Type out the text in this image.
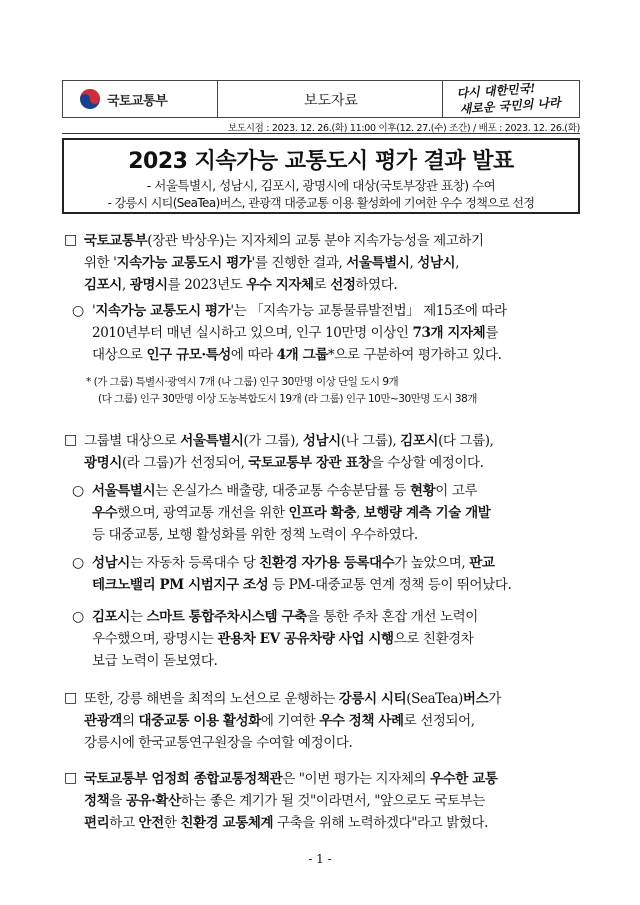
국토교통부	보도자료
다시 대한민국!
새로운 국민의 나라
보도시점 : 2023. 12. 26.(화) 11:00 이후(12. 27.(수) 조간) / 배포 : 2023. 12. 26.(화)
2023 지속가능 교통도시 평가 결과 발표
- 서울특별시, 성남시, 김포시, 광명시에 대상(국토부장관 표창) 수여
- 강릉시 시티(SeaTea)버스, 관광객 대중교통 이용 활성화에 기여한 우수 정책으로 선정
□ 국토교통부(장관 박상우)는 지자체의 교통 분야 지속가능성을 제고하기
위한 '지속가능 교통도시 평가'를 진행한 결과, 서울특별시, 성남시,
김포시, 광명시를 2023년도 우수 지자체로 선정하였다.
○ '지속가능 교통도시 평가'는 「지속가능 교통물류발전법」 제15조에 따라
2010년부터 매년 실시하고 있으며, 인구 10만명 이상인 73개 지자체를
대상으로 인구 규모·특성에 따라 4개 그룹*으로 구분하여 평가하고 있다.
* (가 그룹) 특별시·광역시 7개 (나 그룹) 인구 30만명 이상 단일 도시 9개
(다 그룹) 인구 30만명 이상 도농복합도시 19개 (라 그룹) 인구 10만~30만명 도시 38개
□ 그룹별 대상으로 서울특별시(가 그룹), 성남시(나 그룹), 김포시(다 그룹),
광명시(라 그룹)가 선정되어, 국토교통부 장관 표창을 수상할 예정이다.
○ 서울특별시는 온실가스 배출량, 대중교통 수송분담률 등 현황이 고루
우수했으며, 광역교통 개선을 위한 인프라 확충, 보행량 계측 기술 개발
등 대중교통, 보행 활성화를 위한 정책 노력이 우수하였다.
○ 성남시는 자동차 등록대수 당 친환경 자가용 등록대수가 높았으며, 판교
테크노밸리 PM 시범지구 조성 등 PM-대중교통 연계 정책 등이 뛰어났다.
○ 김포시는 스마트 통합주차시스템 구축을 통한 주차 혼잡 개선 노력이
우수했으며, 광명시는 관용차 EV 공유차량 사업 시행으로 친환경차
보급 노력이 돋보였다.
□ 또한, 강릉 해변을 최적의 노선으로 운행하는 강릉시 시티(SeaTea)버스가
관광객의 대중교통 이용 활성화에 기여한 우수 정책 사례로 선정되어,
강릉시에 한국교통연구원장을 수여할 예정이다.
□ 국토교통부 엄정희 종합교통정책관은 "이번 평가는 지자체의 우수한 교통
정책을 공유·확산하는 좋은 계기가 될 것"이라면서, "앞으로도 국토부는
편리하고 안전한 친환경 교통체계 구축을 위해 노력하겠다"라고 밝혔다.
- 1 -
